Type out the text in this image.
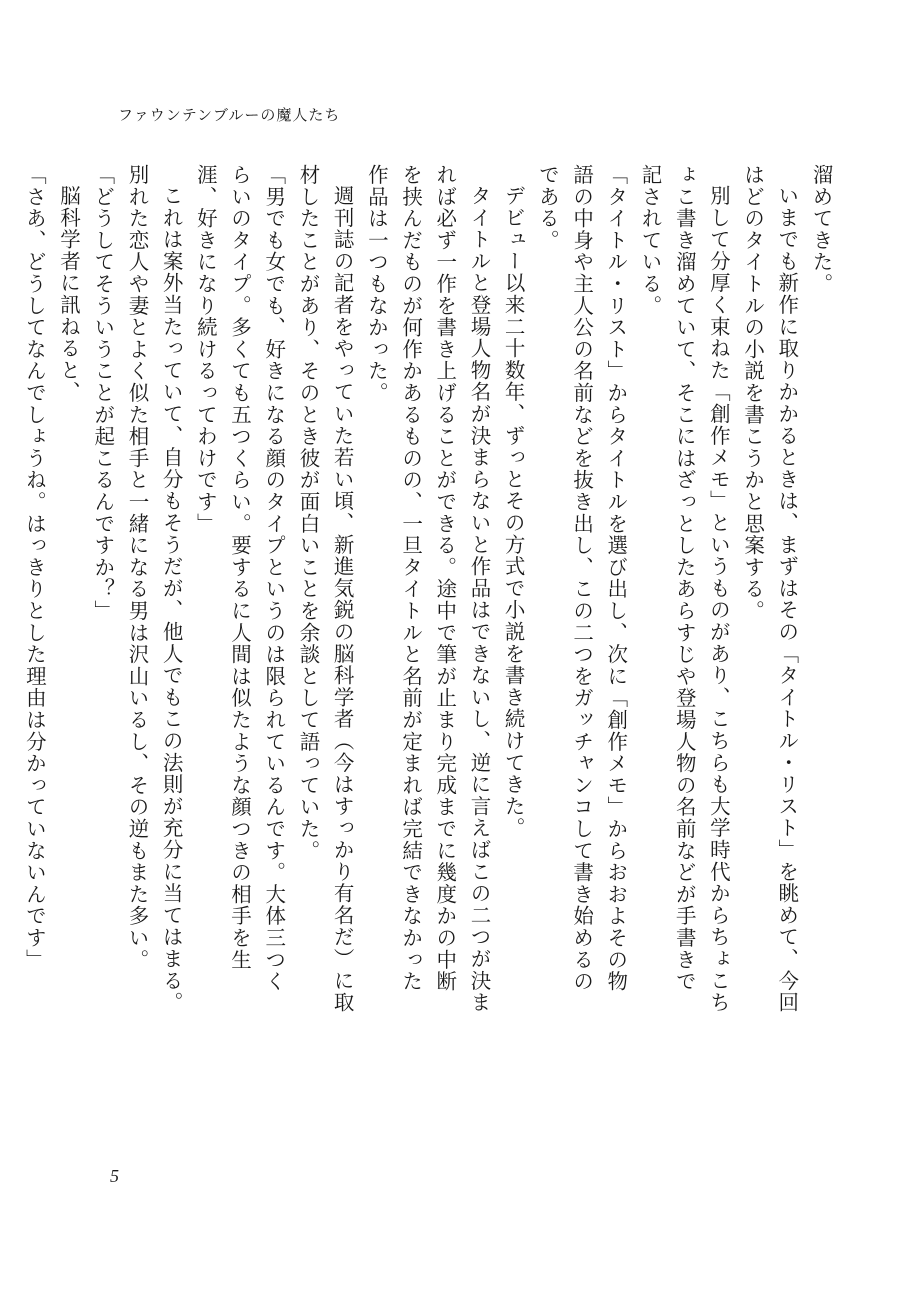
ファウンテンブルーの魔人たち

溜めてきた。

いまでも新作に取りかかるときは、まずはその「タイトル・リスト」を眺めて、今回はどのタイトルの小説を書こうかと思案する。

別して分厚く束ねた「創作メモ」というものがあり、こちらも大学時代からちょこちょこ書き溜めていて、そこにはざっとしたあらすじや登場人物の名前などが手書きで記されている。

「タイトル・リスト」からタイトルを選び出し、次に「創作メモ」からおおよその物語の中身や主人公の名前などを抜き出し、この二つをガッチャンコして書き始めるのである。

デビュー以来二十数年、ずっとその方式で小説を書き続けてきた。

タイトルと登場人物名が決まらないと作品はできないし、逆に言えばこの二つが決まれば必ず一作を書き上げることができる。途中で筆が止まり完成までに幾度かの中断を挟んだものが何作かあるものの、一旦タイトルと名前が定まれば完結できなかった作品は一つもなかった。

週刊誌の記者をやっていた若い頃、新進気鋭の脳科学者（今はすっかり有名だ）に取材したことがあり、そのとき彼が面白いことを余談として語っていた。

「男でも女でも、好きになる顔のタイプというのは限られているんです。大体三つくらいのタイプ。多くても五つくらい。要するに人間は似たような顔つきの相手を生涯、好きになり続けるってわけです」

これは案外当たっていて、自分もそうだが、他人でもこの法則が充分に当てはまる。別れた恋人や妻とよく似た相手と一緒になる男は沢山いるし、その逆もまた多い。

「どうしてそういうことが起こるんですか？」

脳科学者に訊ねると、

「さあ、どうしてなんでしょうね。はっきりとした理由は分かっていないんです」

5
